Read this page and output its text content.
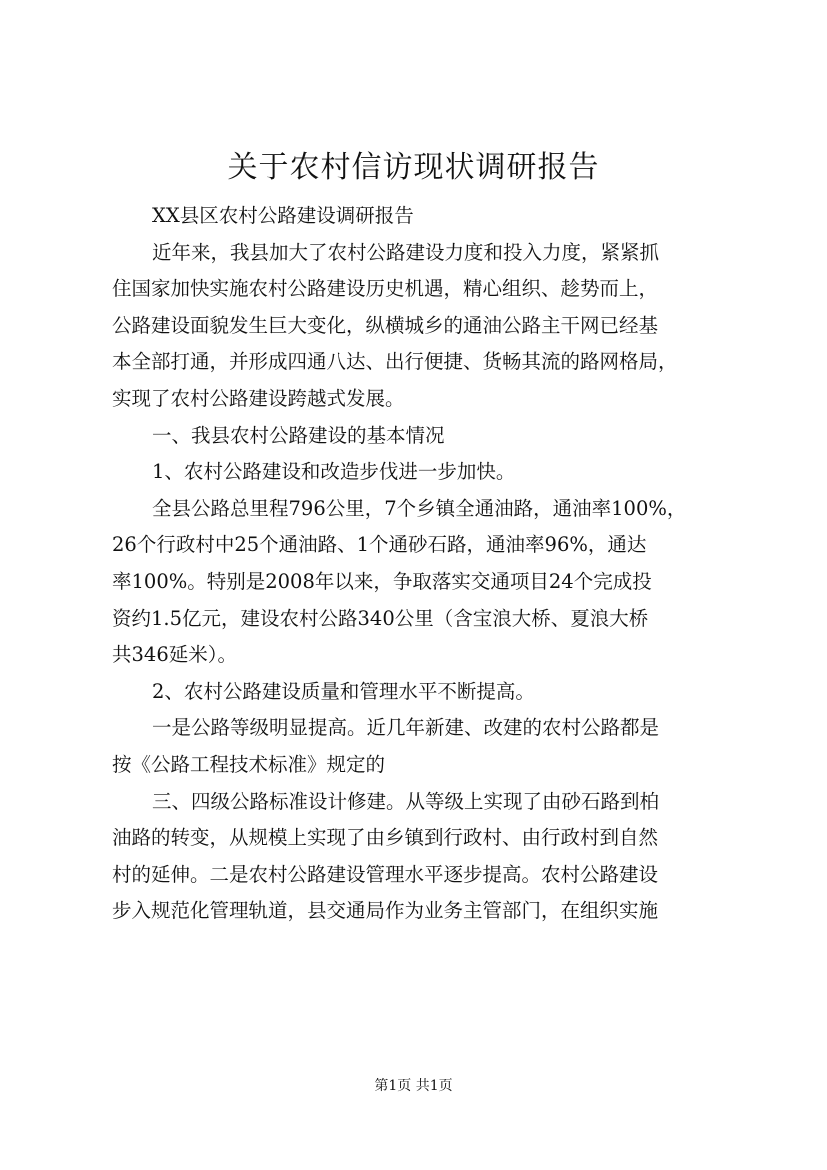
关于农村信访现状调研报告
XX县区农村公路建设调研报告
近年来，我县加大了农村公路建设力度和投入力度，紧紧抓
住国家加快实施农村公路建设历史机遇，精心组织、趁势而上，
公路建设面貌发生巨大变化，纵横城乡的通油公路主干网已经基
本全部打通，并形成四通八达、出行便捷、货畅其流的路网格局，
实现了农村公路建设跨越式发展。
一、我县农村公路建设的基本情况
1、农村公路建设和改造步伐进一步加快。
全县公路总里程796公里，7个乡镇全通油路，通油率100%，
26个行政村中25个通油路、1个通砂石路，通油率96%，通达
率100%。特别是2008年以来，争取落实交通项目24个完成投
资约1.5亿元，建设农村公路340公里（含宝浪大桥、夏浪大桥
共346延米）。
2、农村公路建设质量和管理水平不断提高。
一是公路等级明显提高。近几年新建、改建的农村公路都是
按《公路工程技术标准》规定的
三、四级公路标准设计修建。从等级上实现了由砂石路到柏
油路的转变，从规模上实现了由乡镇到行政村、由行政村到自然
村的延伸。二是农村公路建设管理水平逐步提高。农村公路建设
步入规范化管理轨道，县交通局作为业务主管部门，在组织实施
第1页 共1页
